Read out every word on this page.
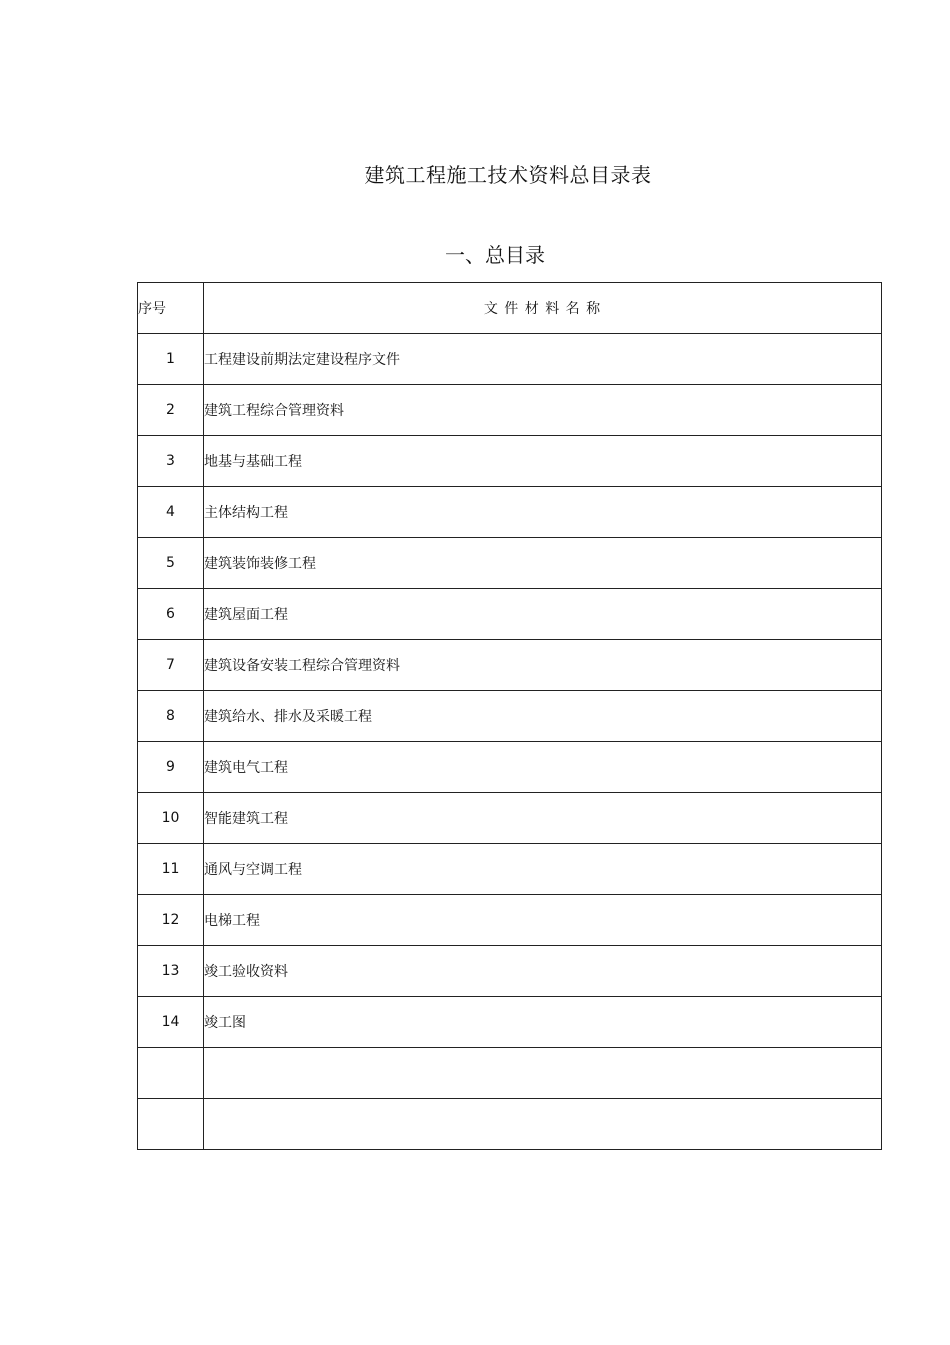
建筑工程施工技术资料总目录表
一、总目录
序号	文 件 材 料 名 称
1	工程建设前期法定建设程序文件
2	建筑工程综合管理资料
3	地基与基础工程
4	主体结构工程
5	建筑装饰装修工程
6	建筑屋面工程
7	建筑设备安装工程综合管理资料
8	建筑给水、排水及采暖工程
9	建筑电气工程
10	智能建筑工程
11	通风与空调工程
12	电梯工程
13	竣工验收资料
14	竣工图
